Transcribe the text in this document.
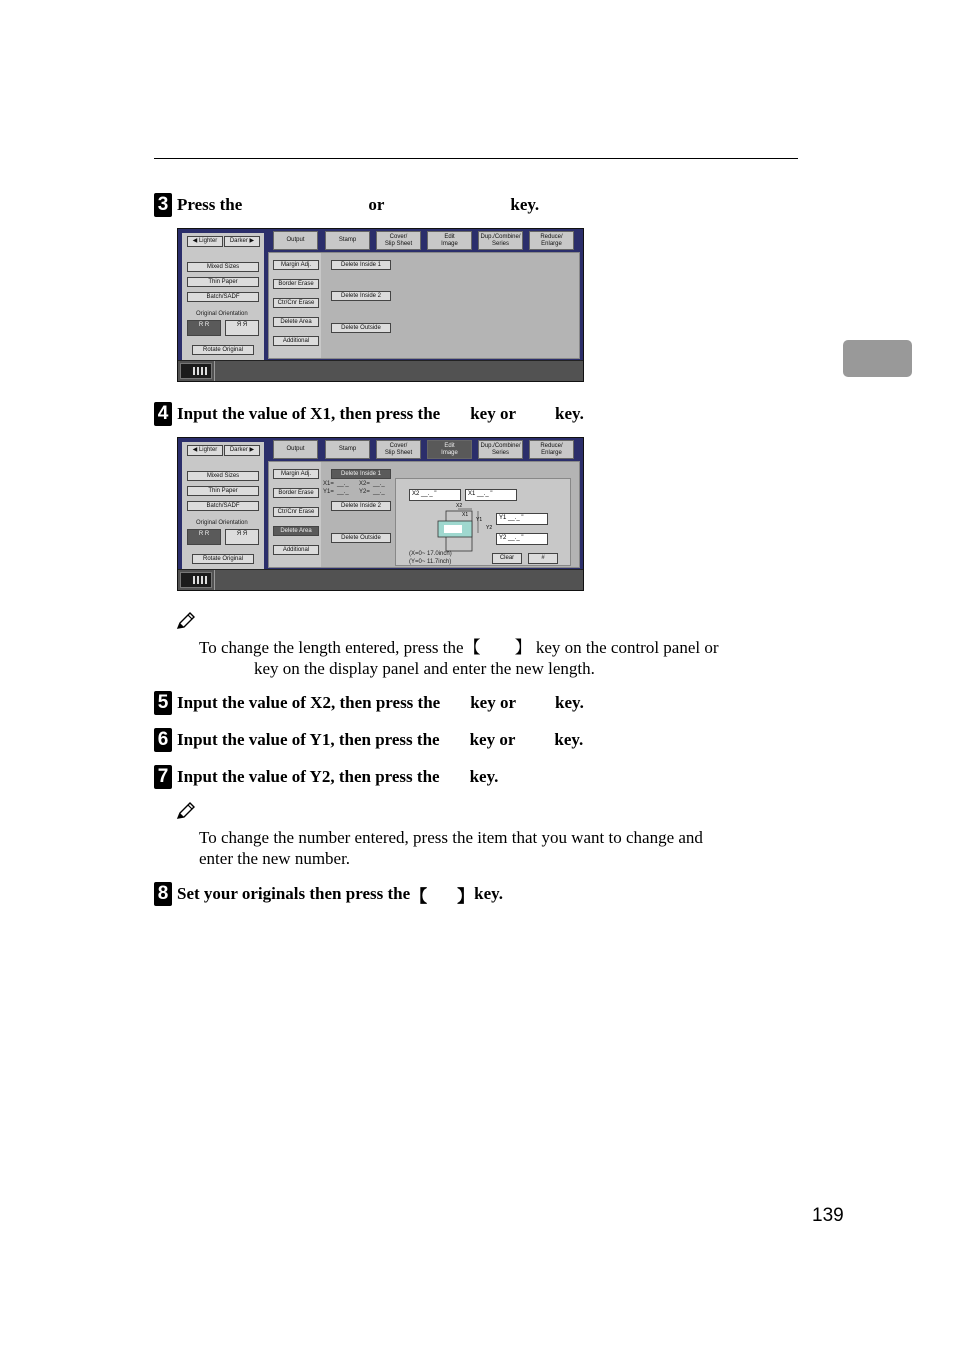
3 Press the	or	key.
◀ Lighter	Darker ▶
Mixed Sizes
Thin Paper
Batch/SADF
Original Orientation
R R	Я Я
Rotate Original
Output	Stamp
Cover/
Slip Sheet
Edit
Image
Dup./Combine/
Series
Reduce/
Enlarge
Margin Adj.
Border Erase
Ctr/Cnr Erase
Delete Area
Additional
Delete Inside 1
Delete Inside 2
Delete Outside
4 Input the value of X1, then press the key or key.
◀ Lighter	Darker ▶
Mixed Sizes
Thin Paper
Batch/SADF
Original Orientation
R R	Я Я
Rotate Original
Output	Stamp
Cover/
Slip Sheet
Edit
Image
Dup./Combine/
Series
Reduce/
Enlarge
Margin Adj.
Border Erase
Ctr/Cnr Erase
Delete Area
Additional
Delete Inside 1
X1= __._ X2= __._
Y1= __._ Y2= __._
Delete Inside 2
Delete Outside
X2 __._ "	X1 __._ "
Y1 __._ "
Y2 __._ "
X2
X1
Y1
Y2
(X=0~ 17.0inch)
(Y=0~ 11.7inch)
Clear	#
To change the length entered, press the【 】 key on the control panel or
key on the display panel and enter the new length.
5 Input the value of X2, then press the key or key.
6 Input the value of Y1, then press the key or key.
7 Input the value of Y2, then press the key.
To change the number entered, press the item that you want to change and
enter the new number.
8 Set your originals then press the 【 】 key.
139
